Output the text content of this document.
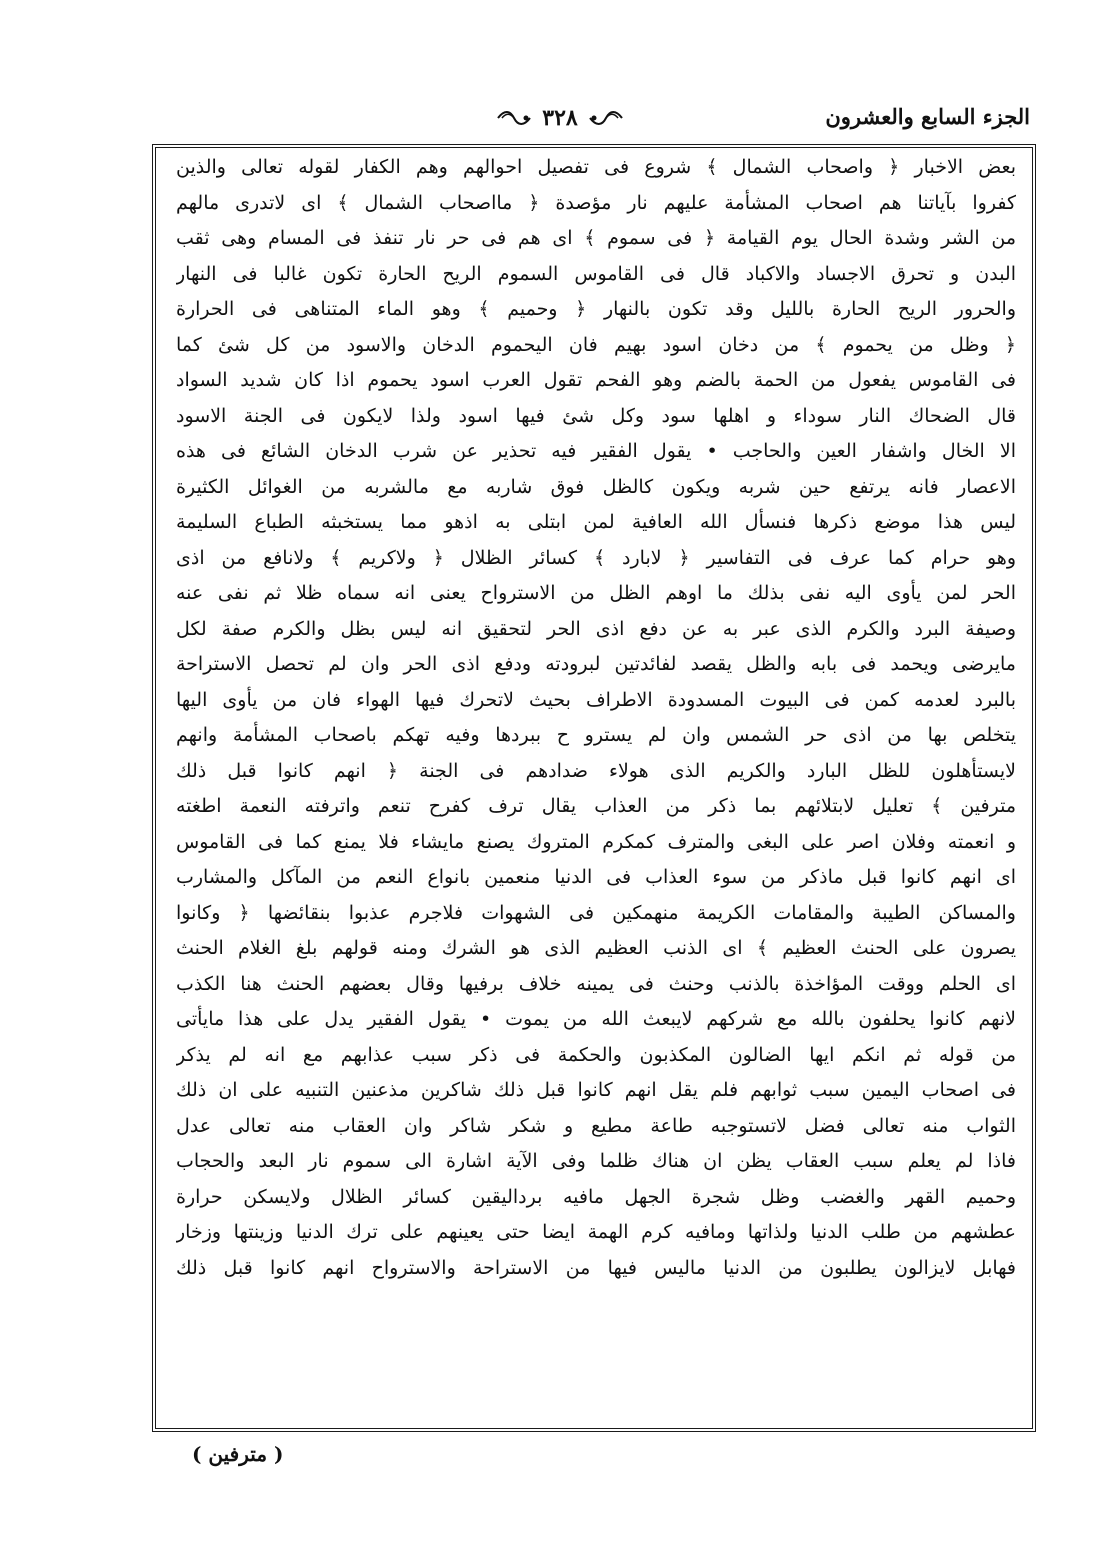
الجزء السابع والعشرون
٣٢٨
بعض الاخبار ﴿ واصحاب الشمال ﴾ شروع فى تفصيل احوالهم وهم الكفار لقوله تعالى والذين
كفروا بآياتنا هم اصحاب المشأمة عليهم نار مؤصدة ﴿ مااصحاب الشمال ﴾ اى لاتدرى مالهم
من الشر وشدة الحال يوم القيامة ﴿ فى سموم ﴾ اى هم فى حر نار تنفذ فى المسام وهى ثقب
البدن و تحرق الاجساد والاكباد قال فى القاموس السموم الريح الحارة تكون غالبا فى النهار
والحرور الريح الحارة بالليل وقد تكون بالنهار ﴿ وحميم ﴾ وهو الماء المتناهى فى الحرارة
﴿ وظل من يحموم ﴾ من دخان اسود بهيم فان اليحموم الدخان والاسود من كل شئ كما
فى القاموس يفعول من الحمة بالضم وهو الفحم تقول العرب اسود يحموم اذا كان شديد السواد
قال الضحاك النار سوداء و اهلها سود وكل شئ فيها اسود ولذا لايكون فى الجنة الاسود
الا الخال واشفار العين والحاجب • يقول الفقير فيه تحذير عن شرب الدخان الشائع فى هذه
الاعصار فانه يرتفع حين شربه ويكون كالظل فوق شاربه مع مالشربه من الغوائل الكثيرة
ليس هذا موضع ذكرها فنسأل الله العافية لمن ابتلى به اذهو مما يستخبثه الطباع السليمة
وهو حرام كما عرف فى التفاسير ﴿ لابارد ﴾ كسائر الظلال ﴿ ولاكريم ﴾ ولانافع من اذى
الحر لمن يأوى اليه نفى بذلك ما اوهم الظل من الاسترواح يعنى انه سماه ظلا ثم نفى عنه
وصيفة البرد والكرم الذى عبر به عن دفع اذى الحر لتحقيق انه ليس بظل والكرم صفة لكل
مايرضى ويحمد فى بابه والظل يقصد لفائدتين لبرودته ودفع اذى الحر وان لم تحصل الاستراحة
بالبرد لعدمه كمن فى البيوت المسدودة الاطراف بحيث لاتحرك فيها الهواء فان من يأوى اليها
يتخلص بها من اذى حر الشمس وان لم يسترو ح ببردها وفيه تهكم باصحاب المشأمة وانهم
لايستأهلون للظل البارد والكريم الذى هولاء ضدادهم فى الجنة ﴿ انهم كانوا قبل ذلك
مترفين ﴾ تعليل لابتلائهم بما ذكر من العذاب يقال ترف كفرح تنعم واترفته النعمة اطغته
و انعمته وفلان اصر على البغى والمترف كمكرم المتروك يصنع مايشاء فلا يمنع كما فى القاموس
اى انهم كانوا قبل ماذكر من سوء العذاب فى الدنيا منعمين بانواع النعم من المآكل والمشارب
والمساكن الطيبة والمقامات الكريمة منهمكين فى الشهوات فلاجرم عذبوا بنقائضها ﴿ وكانوا
يصرون على الحنث العظيم ﴾ اى الذنب العظيم الذى هو الشرك ومنه قولهم بلغ الغلام الحنث
اى الحلم ووقت المؤاخذة بالذنب وحنث فى يمينه خلاف برفيها وقال بعضهم الحنث هنا الكذب
لانهم كانوا يحلفون بالله مع شركهم لايبعث الله من يموت • يقول الفقير يدل على هذا مايأتى
من قوله ثم انكم ايها الضالون المكذبون والحكمة فى ذكر سبب عذابهم مع انه لم يذكر
فى اصحاب اليمين سبب ثوابهم فلم يقل انهم كانوا قبل ذلك شاكرين مذعنين التنبيه على ان ذلك
الثواب منه تعالى فضل لاتستوجبه طاعة مطيع و شكر شاكر وان العقاب منه تعالى عدل
فاذا لم يعلم سبب العقاب يظن ان هناك ظلما وفى الآية اشارة الى سموم نار البعد والحجاب
وحميم القهر والغضب وظل شجرة الجهل مافيه برداليقين كسائر الظلال ولايسكن حرارة
عطشهم من طلب الدنيا ولذاتها ومافيه كرم الهمة ايضا حتى يعينهم على ترك الدنيا وزينتها وزخار
فهابل لايزالون يطلبون من الدنيا ماليس فيها من الاستراحة والاسترواح انهم كانوا قبل ذلك
( مترفين )
